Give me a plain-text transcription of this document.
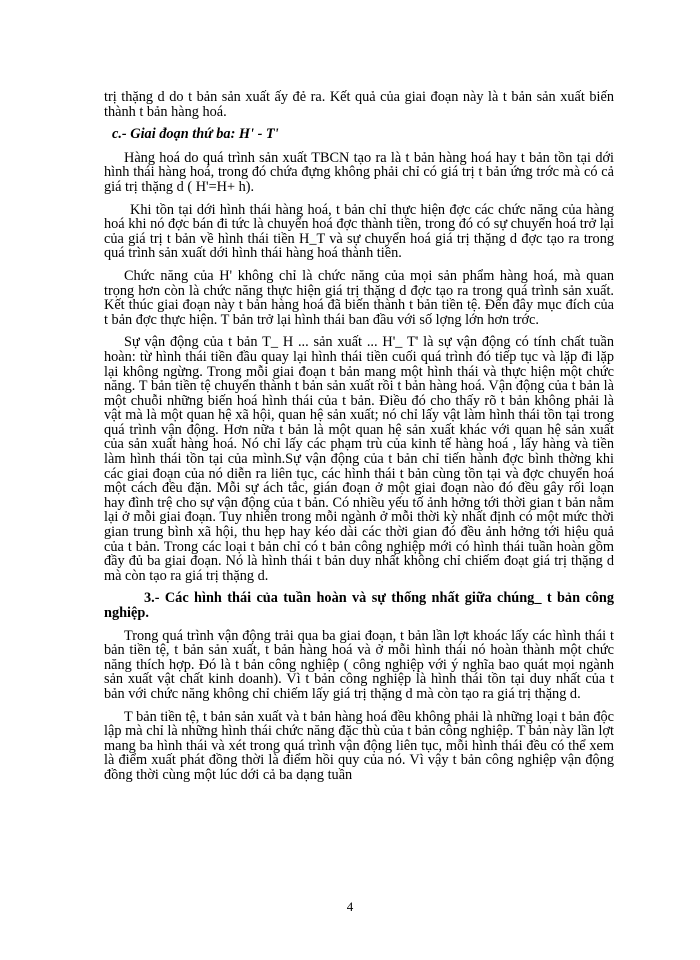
trị thặng d do t bản sản xuất ấy đẻ ra. Kết quả của giai đoạn này là t bản sản xuất biến thành t bản hàng hoá.

c.- Giai đoạn thứ ba: H' - T'

Hàng hoá do quá trình sản xuất TBCN tạo ra là t bản hàng hoá hay t bản tồn tại dới hình thái hàng hoá, trong đó chứa đựng không phải chỉ có giá trị t bản ứng trớc mà có cả giá trị thặng d ( H'=H+ h).

Khi tồn tại dới hình thái hàng hoá, t bản chỉ thực hiện đợc các chức năng của hàng hoá khi nó đợc bán đi tức là chuyển hoá đợc thành tiền, trong đó có sự chuyển hoá trở lại của giá trị t bản về hình thái tiền H_T và sự chuyển hoá giá trị thặng d đợc tạo ra trong quá trình sản xuất dới hình thái hàng hoá thành tiền.

Chức năng của H' không chỉ là chức năng của mọi sản phẩm hàng hoá, mà quan trọng hơn còn là chức năng thực hiện giá trị thặng d đợc tạo ra trong quá trình sản xuất. Kết thúc giai đoạn này t bản hàng hoá đã biến thành t bản tiền tệ. Đến đây mục đích của t bản đợc thực hiện. T bản trở lại hình thái ban đầu với số lợng lớn hơn trớc.

Sự vận động của t bản T_ H ... sản xuất ... H'_ T' là sự vận động có tính chất tuần hoàn: từ hình thái tiền đầu quay lại hình thái tiền cuối quá trình đó tiếp tục và lặp đi lặp lại không ngừng. Trong mỗi giai đoạn t bản mang một hình thái và thực hiện một chức năng. T bản tiền tệ chuyển thành t bản sản xuất rồi t bản hàng hoá. Vận động của t bản là một chuỗi những biến hoá hình thái của t bản. Điều đó cho thấy rõ t bản không phải là vật mà là một quan hệ xã hội, quan hệ sản xuất; nó chỉ lấy vật làm hình thái tồn tại trong quá trình vận động. Hơn nữa t bản là một quan hệ sản xuất khác với quan hệ sản xuất của sản xuất hàng hoá. Nó chỉ lấy các phạm trù của kinh tế hàng hoá , lấy hàng và tiền làm hình thái tồn tại của mình.Sự vận động của t bản chỉ tiến hành đợc bình thờng khi các giai đoạn của nó diễn ra liên tục, các hình thái t bản cùng tồn tại và đợc chuyển hoá một cách đều đặn. Mỗi sự ách tắc, gián đoạn ở một giai đoạn nào đó đều gây rối loạn hay đình trệ cho sự vận động của t bản. Có nhiều yếu tố ảnh hởng tới thời gian t bản nằm lại ở mỗi giai đoạn. Tuy nhiên trong mỗi ngành ở mỗi thời kỳ nhất định có một mức thời gian trung bình xã hội, thu hẹp hay kéo dài các thời gian đó đều ảnh hởng tới hiệu quả của t bản. Trong các loại t bản chỉ có t bản công nghiệp mới có hình thái tuần hoàn gồm đầy đủ ba giai đoạn. Nó là hình thái t bản duy nhất không chỉ chiếm đoạt giá trị thặng d mà còn tạo ra giá trị thặng d.

3.- Các hình thái của tuần hoàn và sự thống nhất giữa chúng_ t bản công nghiệp.

Trong quá trình vận động trải qua ba giai đoạn, t bản lần lợt khoác lấy các hình thái t bản tiền tệ, t bản sản xuất, t bản hàng hoá và ở mỗi hình thái nó hoàn thành một chức năng thích hợp. Đó là t bản công nghiệp ( công nghiệp với ý nghĩa bao quát mọi ngành sản xuất vật chất kinh doanh). Vì t bản công nghiệp là hình thái tồn tại duy nhất của t bản với chức năng không chỉ chiếm lấy giá trị thặng d mà còn tạo ra giá trị thặng d.

T bản tiền tệ, t bản sản xuất và t bản hàng hoá đều không phải là những loại t bản độc lập mà chỉ là những hình thái chức năng đặc thù của t bản công nghiệp. T bản này lần lợt mang ba hình thái và xét trong quá trình vận động liên tục, mỗi hình thái đều có thể xem là điểm xuất phát đồng thời là điểm hồi quy của nó. Vì vậy t bản công nghiệp vận động đồng thời cùng một lúc dới cả ba dạng tuần

4
